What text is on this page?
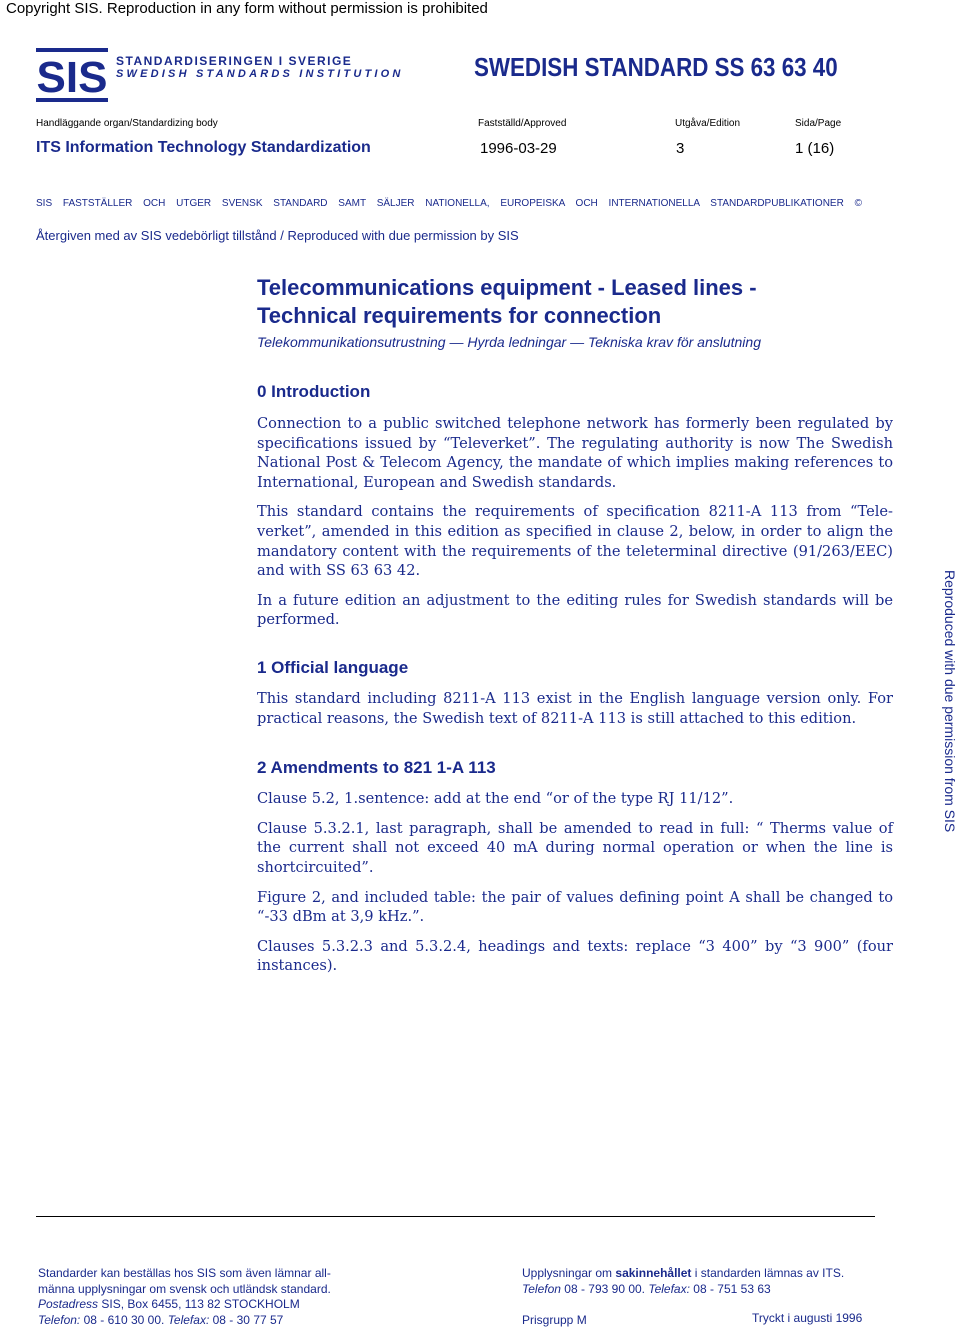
Copyright SIS. Reproduction in any form without permission is prohibited
SIS STANDARDISERINGEN I SVERIGE
SWEDISH STANDARDS INSTITUTION	SWEDISH STANDARD SS 63 63 40
Handläggande organ/Standardizing body	Fastställd/Approved	Utgåva/Edition	Sida/Page
ITS Information Technology Standardization	1996-03-29	3	1 (16)
SIS FASTSTÄLLER OCH UTGER SVENSK STANDARD SAMT SÄLJER NATIONELLA, EUROPEISKA OCH INTERNATIONELLA STANDARDPUBLIKATIONER ©
Återgiven med av SIS vedebörligt tillstånd / Reproduced with due permission by SIS
Reproduced with due permission from SIS
Telecommunications equipment - Leased lines -
Technical requirements for connection

Telekommunikationsutrustning — Hyrda ledningar — Tekniska krav för anslutning

0 Introduction

Connection to a public switched telephone network has formerly been regulated by specifications issued by “Televerket”. The regulating authority is now The Swedish National Post & Telecom Agency, the mandate of which implies making references to International, European and Swedish standards.

This standard contains the requirements of specification 8211-A 113 from “Tele-verket”, amended in this edition as specified in clause 2, below, in order to align the mandatory content with the requirements of the teleterminal directive (91/263/EEC) and with SS 63 63 42.

In a future edition an adjustment to the editing rules for Swedish standards will be performed.

1 Official language

This standard including 8211-A 113 exist in the English language version only. For practical reasons, the Swedish text of 8211-A 113 is still attached to this edition.

2 Amendments to 821 1-A 113

Clause 5.2, 1.sentence: add at the end “or of the type RJ 11/12”.

Clause 5.3.2.1, last paragraph, shall be amended to read in full: “ Therms value of the current shall not exceed 40 mA during normal operation or when the line is shortcircuited”.

Figure 2, and included table: the pair of values defining point A shall be changed to “-33 dBm at 3,9 kHz.”.

Clauses 5.3.2.3 and 5.3.2.4, headings and texts: replace “3 400” by “3 900” (four instances).

Standarder kan beställas hos SIS som även lämnar all-
männa upplysningar om svensk och utländsk standard.
Postadress SIS, Box 6455, 113 82 STOCKHOLM
Telefon: 08 - 610 30 00. Telefax: 08 - 30 77 57
Upplysningar om sakinnehållet i standarden lämnas av ITS.
Telefon 08 - 793 90 00. Telefax: 08 - 751 53 63
Prisgrupp M	Tryckt i augusti 1996
